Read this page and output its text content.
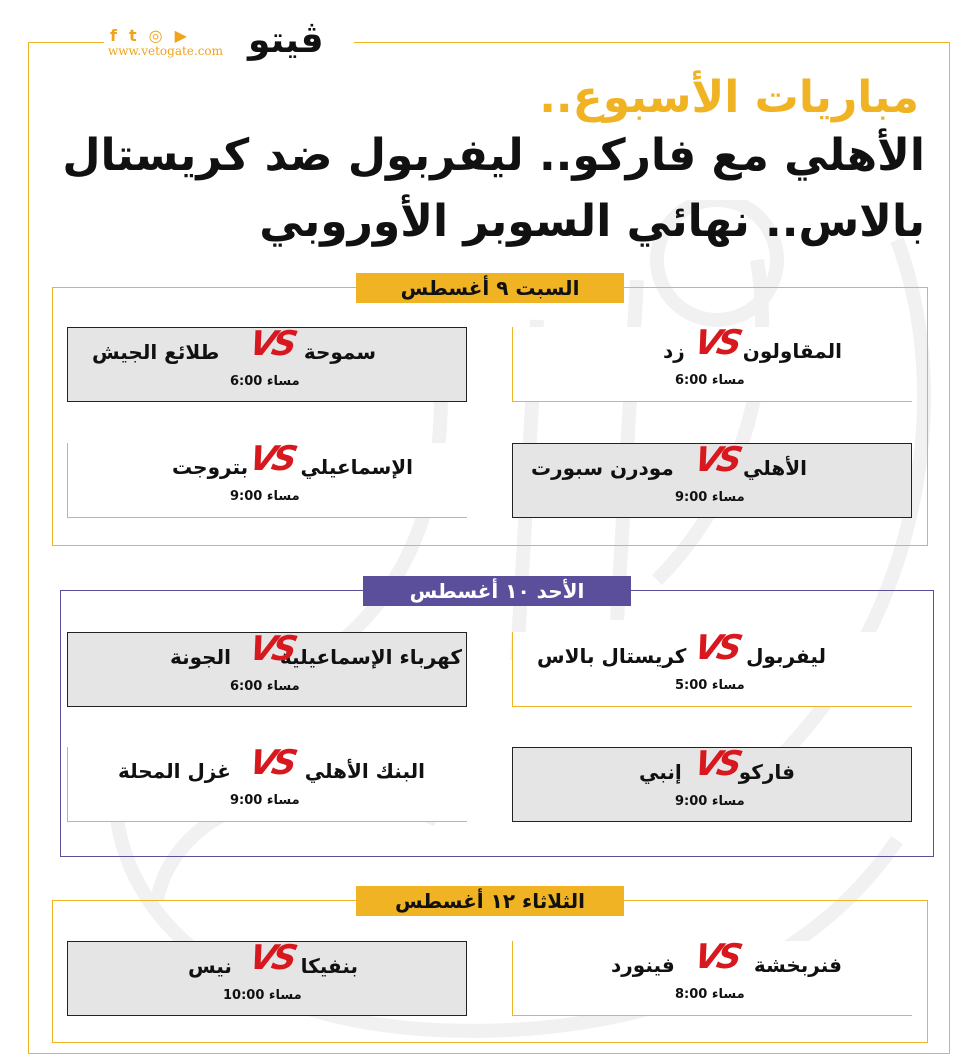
f t ◎ ▶
www.vetogate.com ڤيتو
مباريات الأسبوع..
الأهلي مع فاركو.. ليفربول ضد كريستال
بالاس.. نهائي السوبر الأوروبي
السبت ٩ أغسطس
الأحد ١٠ أغسطس
الثلاثاء ١٢ أغسطس
المقاولون
VS
زد
6:00 مساء
سموحة
VS
طلائع الجيش
6:00 مساء
الأهلي
VS
مودرن سبورت
9:00 مساء
الإسماعيلي
VS
بتروجت
9:00 مساء
ليفربول
VS
كريستال بالاس
5:00 مساء
كهرباء الإسماعيلية
VS
الجونة
6:00 مساء
فاركو
VS
إنبي
9:00 مساء
البنك الأهلي
VS
غزل المحلة
9:00 مساء
فنربخشة
VS
فينورد
8:00 مساء
بنفيكا
VS
نيس
10:00 مساء
